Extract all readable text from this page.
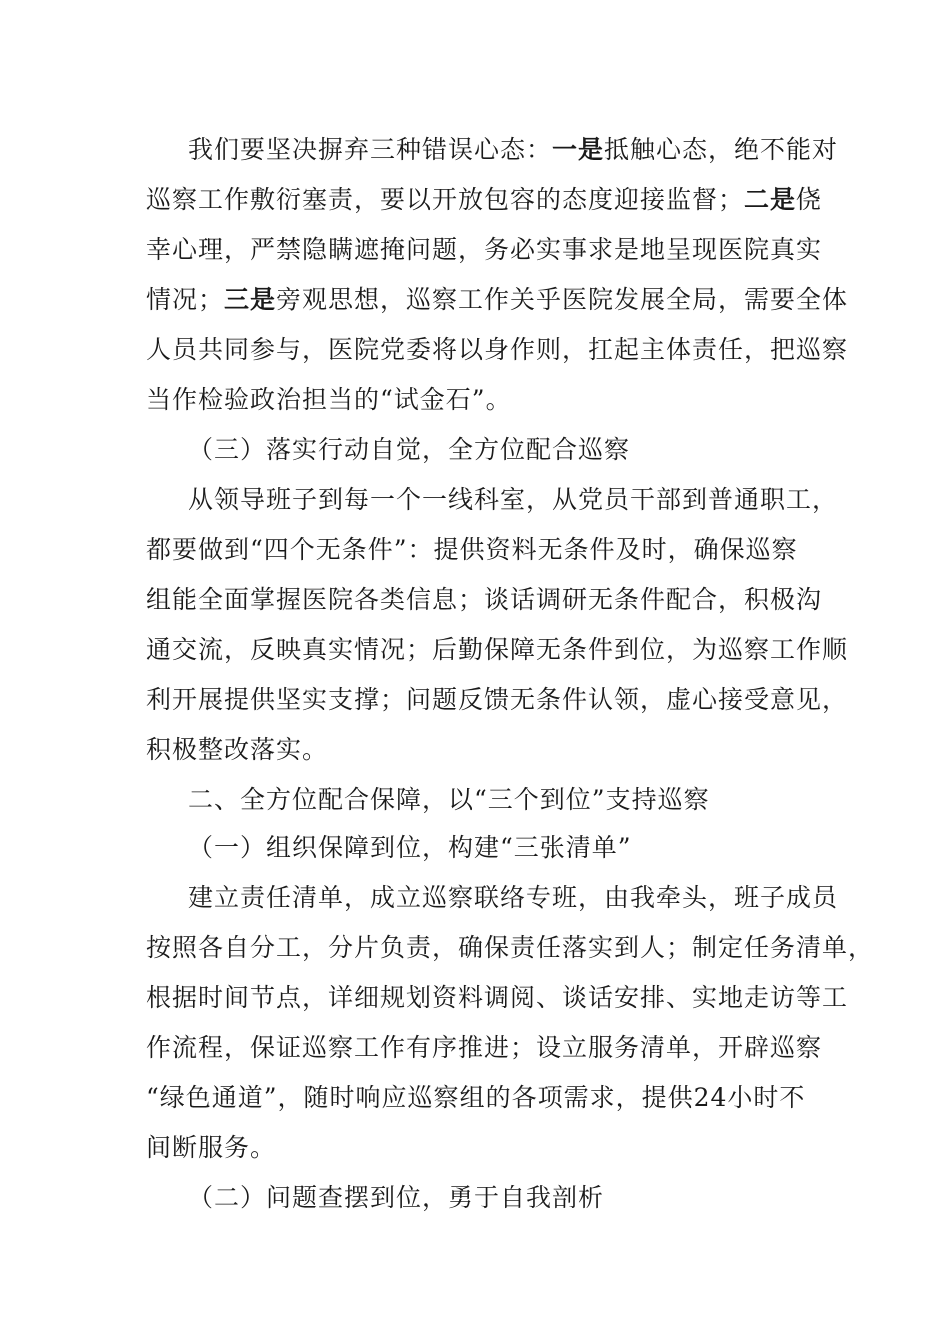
我们要坚决摒弃三种错误心态：一是抵触心态，绝不能对
巡察工作敷衍塞责，要以开放包容的态度迎接监督；二是侥
幸心理，严禁隐瞒遮掩问题，务必实事求是地呈现医院真实
情况；三是旁观思想，巡察工作关乎医院发展全局，需要全体
人员共同参与，医院党委将以身作则，扛起主体责任，把巡察
当作检验政治担当的“试金石”。
（三）落实行动自觉，全方位配合巡察
从领导班子到每一个一线科室，从党员干部到普通职工，
都要做到“四个无条件”：提供资料无条件及时，确保巡察
组能全面掌握医院各类信息；谈话调研无条件配合，积极沟
通交流，反映真实情况；后勤保障无条件到位，为巡察工作顺
利开展提供坚实支撑；问题反馈无条件认领，虚心接受意见，
积极整改落实。
二、全方位配合保障，以“三个到位”支持巡察
（一）组织保障到位，构建“三张清单”
建立责任清单，成立巡察联络专班，由我牵头，班子成员
按照各自分工，分片负责，确保责任落实到人；制定任务清单，
根据时间节点，详细规划资料调阅、谈话安排、实地走访等工
作流程，保证巡察工作有序推进；设立服务清单，开辟巡察
“绿色通道”，随时响应巡察组的各项需求，提供24小时不
间断服务。
（二）问题查摆到位，勇于自我剖析
